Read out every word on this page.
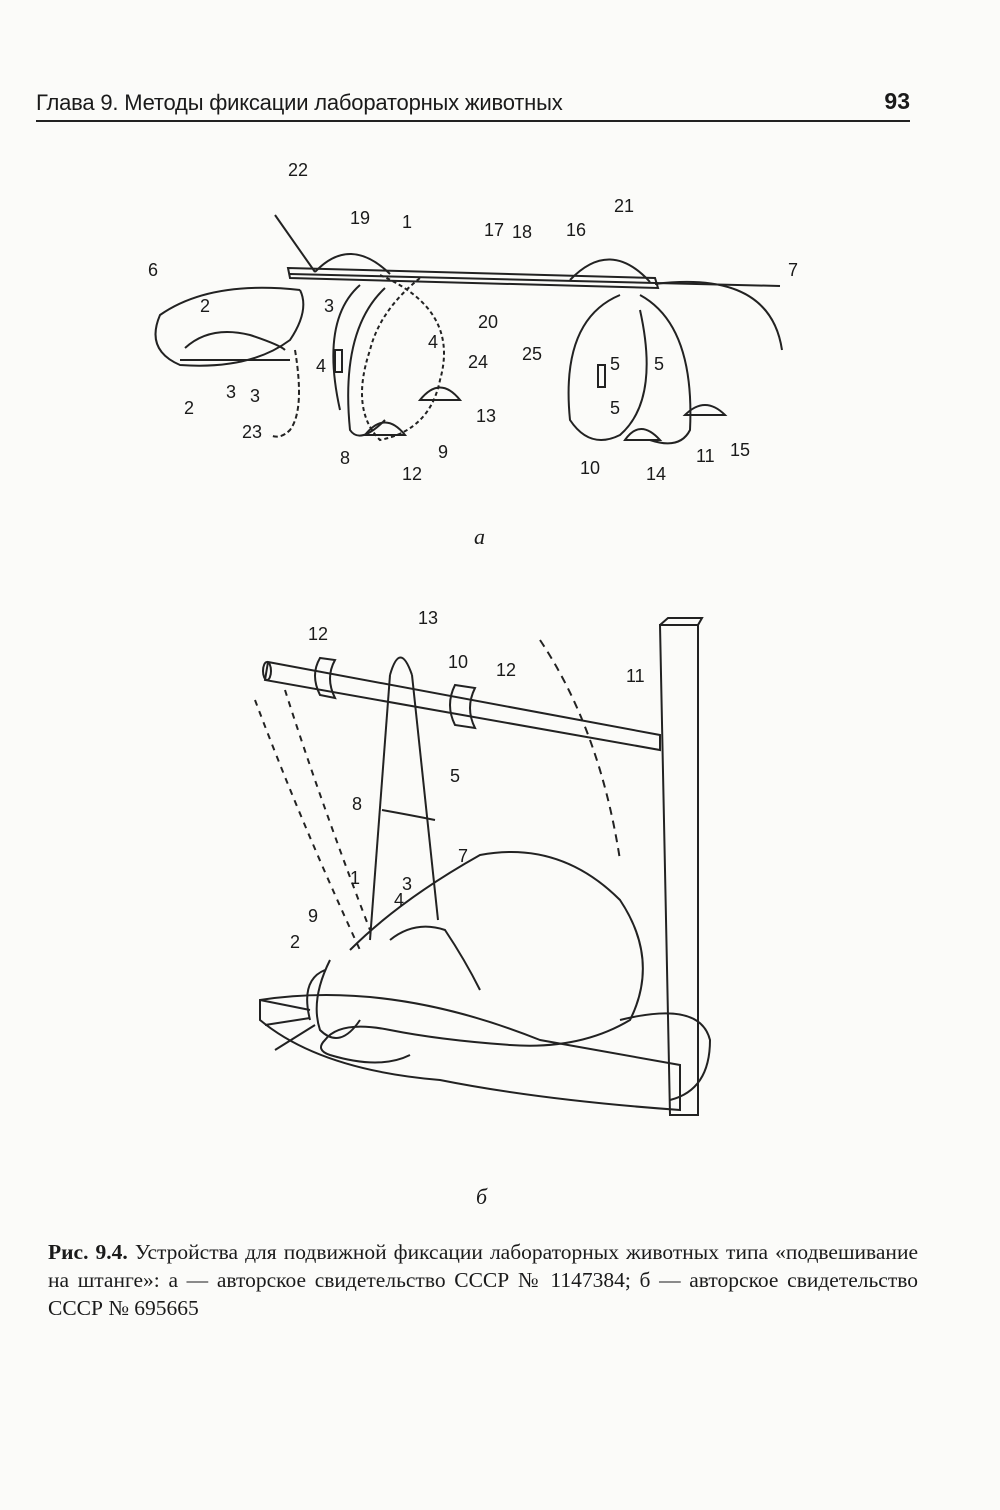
Глава 9. Методы фиксации лабораторных животных	93
22
19 1	17 18 16
21
6	7
2	3
20
4
24 25	5
3 3
2
23
13
8	9
12	10	14
11 15
5
4	5
а
13
12
10 12	11
5
8
7
1 3
4
9
2
б
Рис. 9.4. Устройства для подвижной фиксации лабораторных животных типа «подвешивание на штанге»: а — авторское свидетельство СССР № 1147384; б — авторское свидетельство СССР № 695665
